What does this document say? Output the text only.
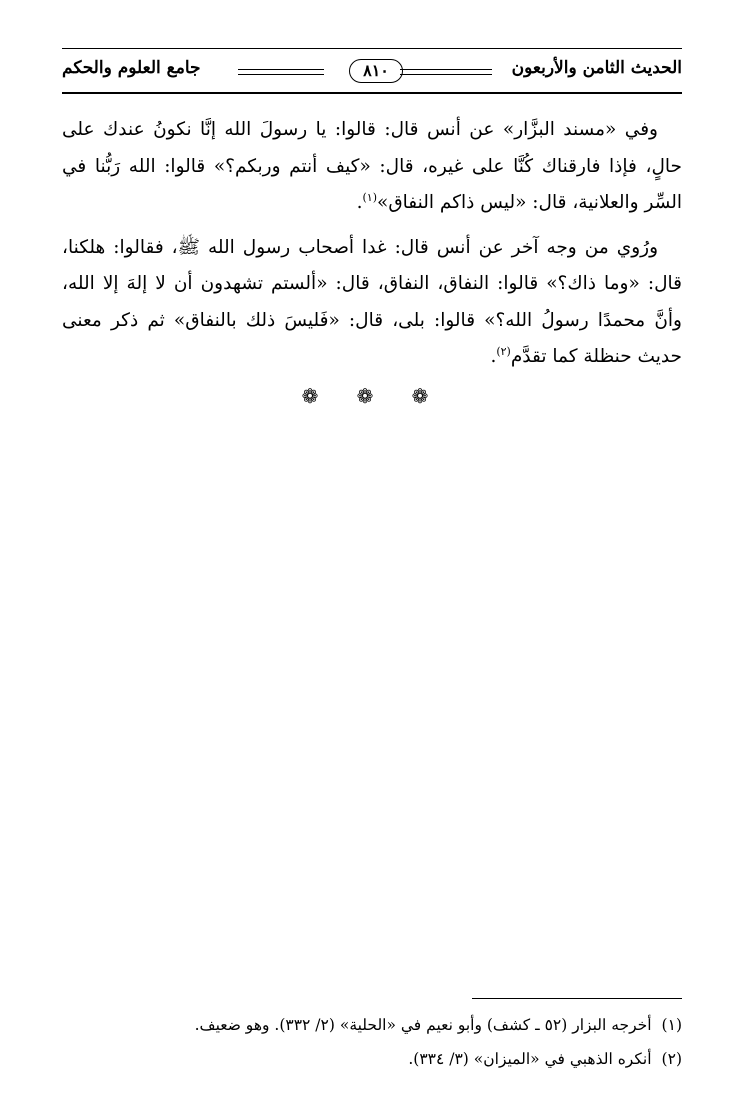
الحديث الثامن والأربعون
٨١٠
جامع العلوم والحكم

وفي «مسند البزَّار» عن أنس قال: قالوا: يا رسولَ الله إنَّا نكونُ عندك على حالٍ، فإذا فارقناك كُنَّا على غيره، قال: «كيف أنتم وربكم؟» قالوا: الله رَبُّنا في السِّر والعلانية، قال: «ليس ذاكم النفاق»$^{(١)}$.

ورُوي من وجه آخر عن أنس قال: غدا أصحاب رسول الله ﷺ، فقالوا: هلكنا، قال: «وما ذاك؟» قالوا: النفاق، النفاق، قال: «ألستم تشهدون أن لا إلهَ إلا الله، وأنَّ محمدًا رسولُ الله؟» قالوا: بلى، قال: «فَليسَ ذلك بالنفاق» ثم ذكر معنى حديث حنظلة كما تقدَّم$^{(٢)}$.

❁ ❁ ❁
(١)أخرجه البزار (٥٢ ـ كشف) وأبو نعيم في «الحلية» (٢/ ٣٣٢). وهو ضعيف.
(٢)أنكره الذهبي في «الميزان» (٣/ ٣٣٤).
